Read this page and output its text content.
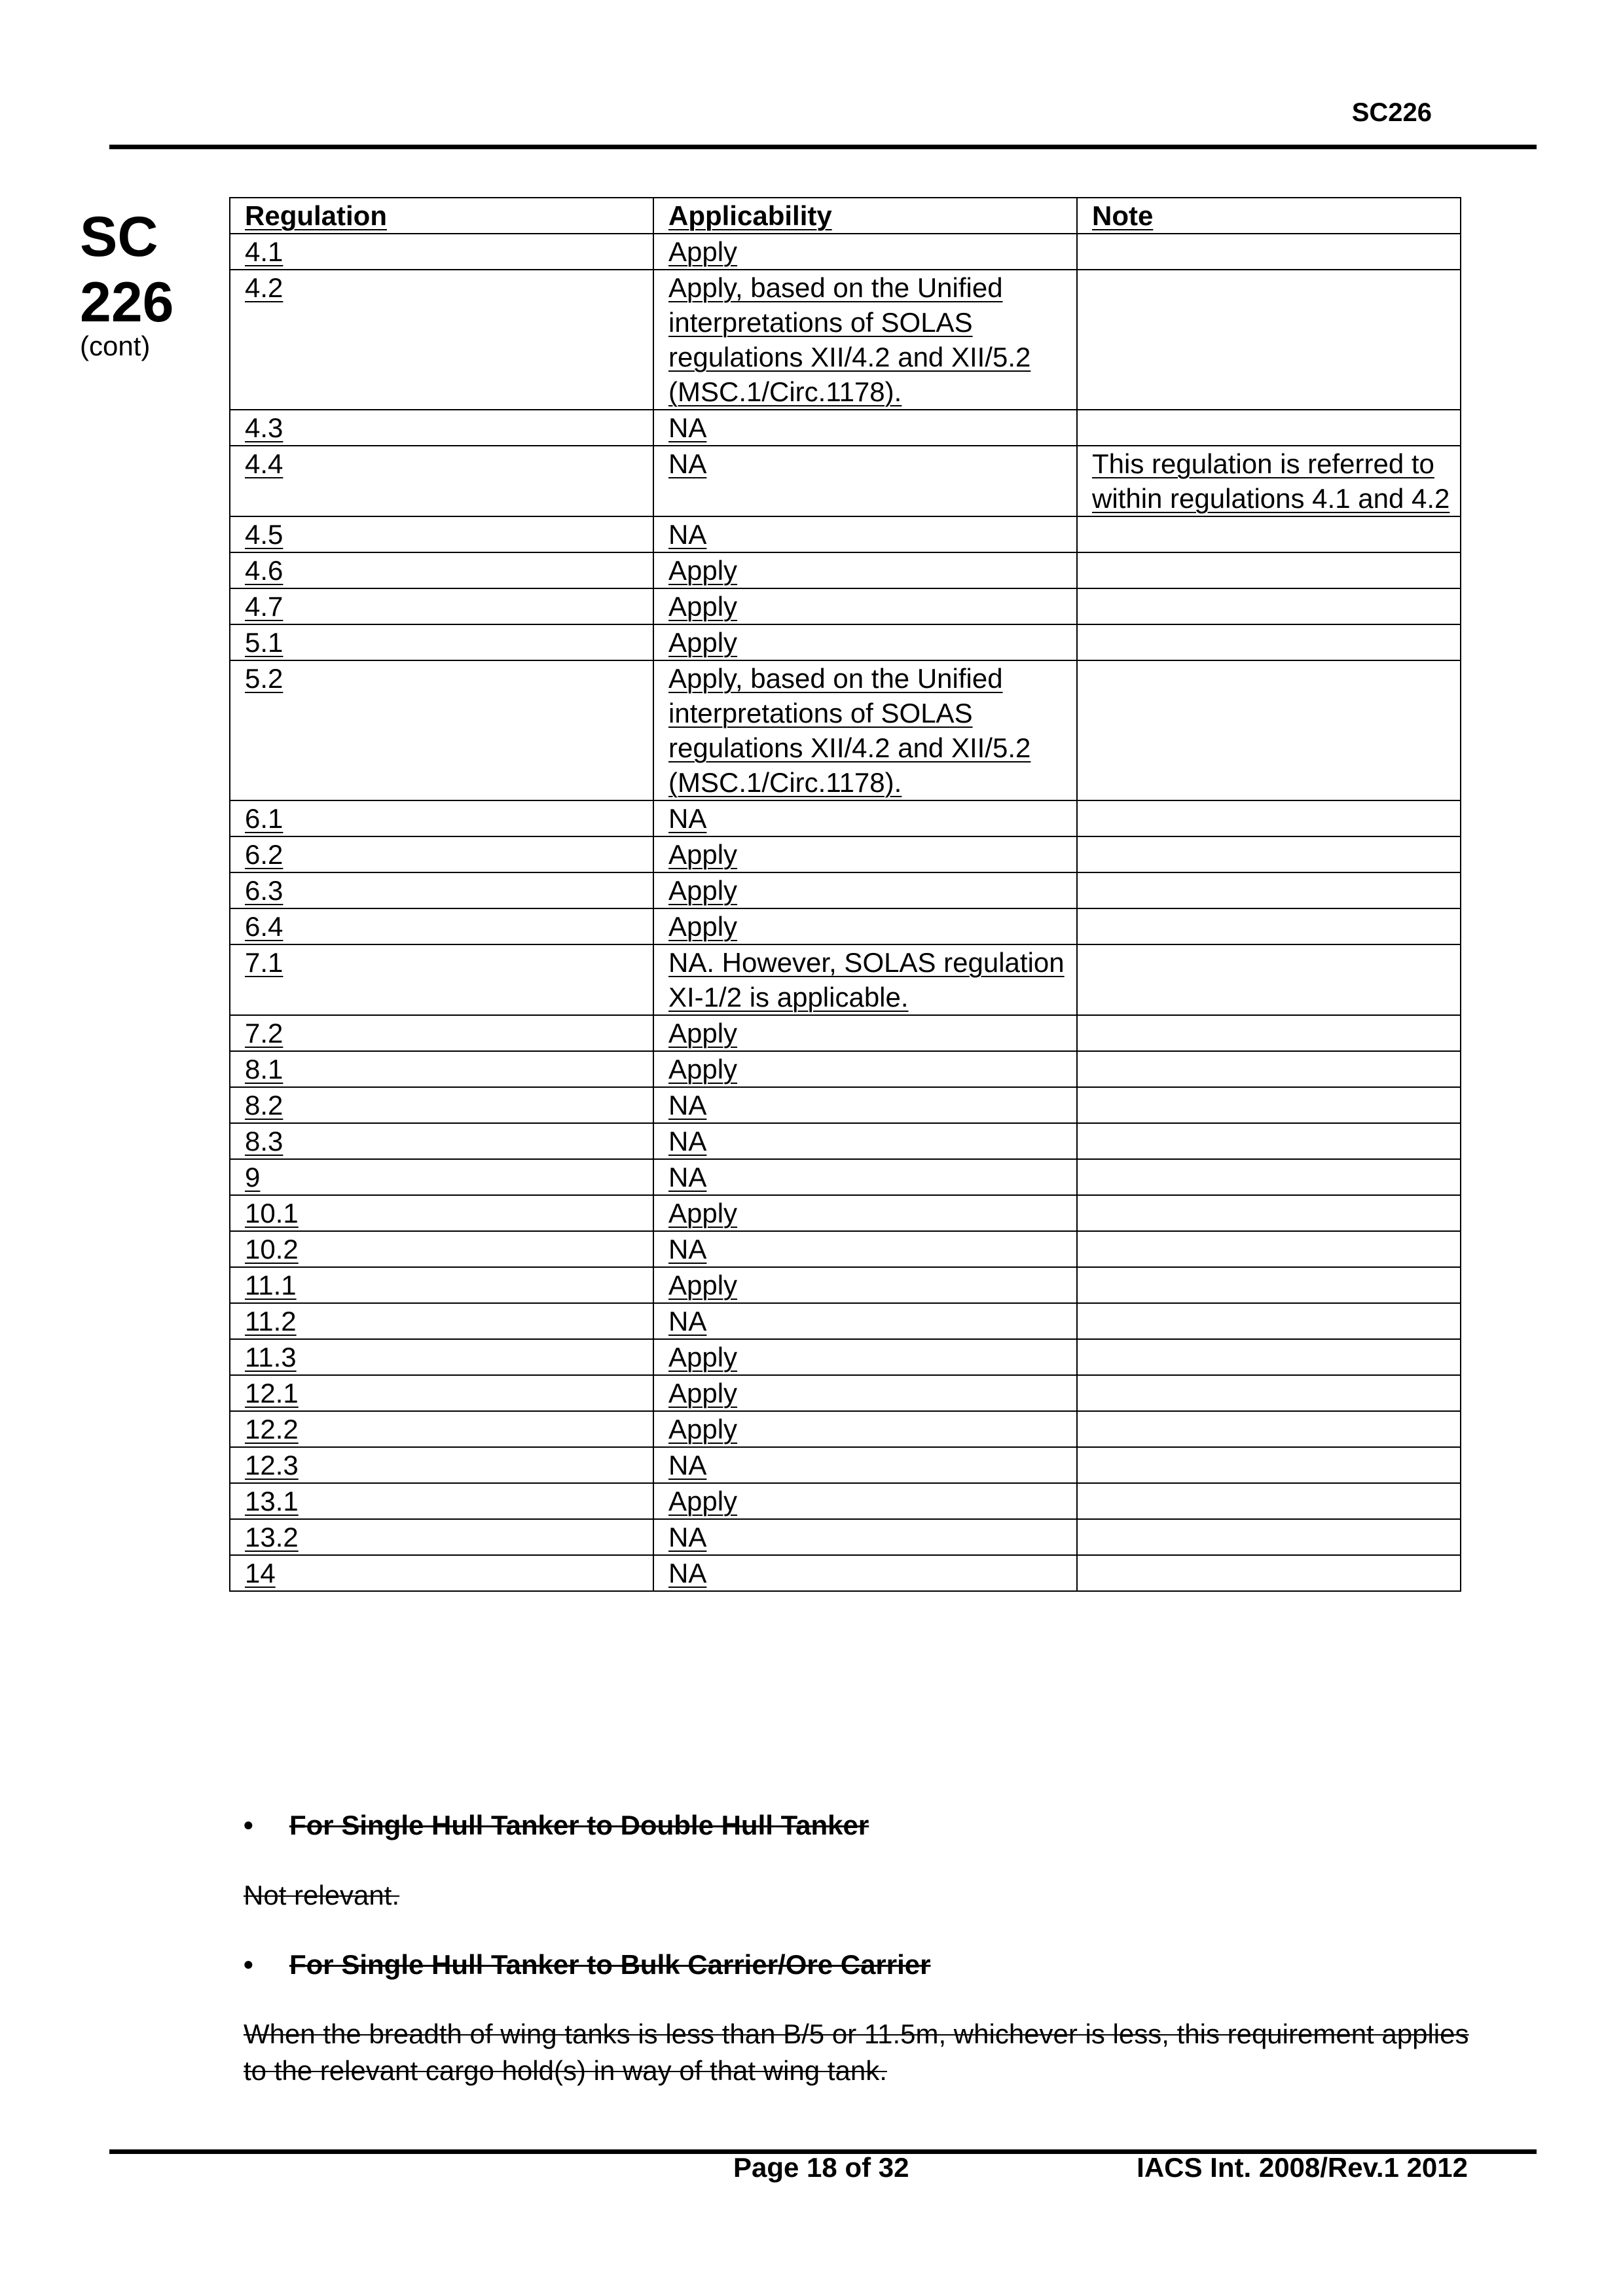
SC226
SC
226
(cont)
Regulation	Applicability	Note
4.1	Apply	
4.2	Apply, based on the Unified interpretations of SOLAS regulations XII/4.2 and XII/5.2 (MSC.1/Circ.1178).	
4.3	NA	
4.4	NA	This regulation is referred to within regulations 4.1 and 4.2
4.5	NA	
4.6	Apply	
4.7	Apply	
5.1	Apply	
5.2	Apply, based on the Unified interpretations of SOLAS regulations XII/4.2 and XII/5.2 (MSC.1/Circ.1178).	
6.1	NA	
6.2	Apply	
6.3	Apply	
6.4	Apply	
7.1	NA. However, SOLAS regulation XI-1/2 is applicable.	
7.2	Apply	
8.1	Apply	
8.2	NA	
8.3	NA	
9	NA	
10.1	Apply	
10.2	NA	
11.1	Apply	
11.2	NA	
11.3	Apply	
12.1	Apply	
12.2	Apply	
12.3	NA	
13.1	Apply	
13.2	NA	
14	NA	
• For Single Hull Tanker to Double Hull Tanker
Not relevant.
• For Single Hull Tanker to Bulk Carrier/Ore Carrier
When the breadth of wing tanks is less than B/5 or 11.5m, whichever is less, this requirement applies to the relevant cargo hold(s) in way of that wing tank.
Page 18 of 32	IACS Int. 2008/Rev.1 2012
